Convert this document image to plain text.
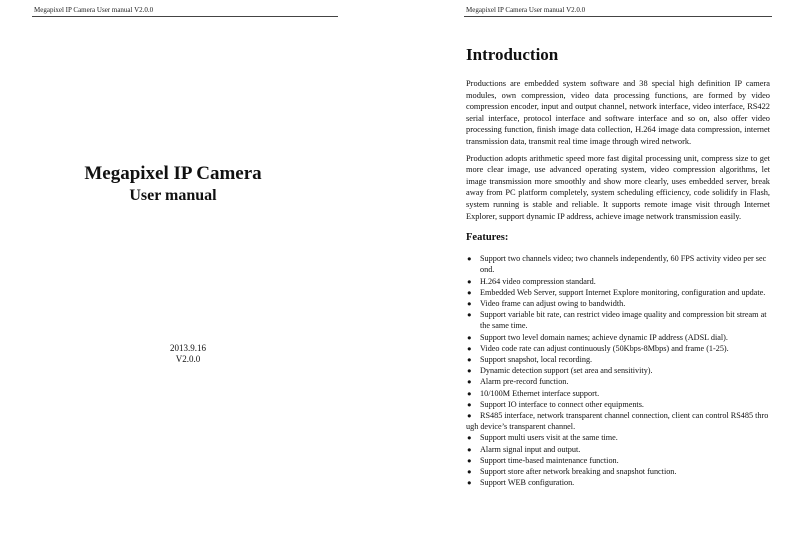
Megapixel IP Camera User manual V2.0.0
Megapixel IP Camera
User manual
2013.9.16
V2.0.0
Megapixel IP Camera User manual V2.0.0
Introduction

Productions are embedded system software and 38 special high definition IP camera modules, own compression, video data processing functions, are formed by video compression encoder, input and output channel, network interface, video interface, RS422 serial interface, protocol interface and software interface and so on, also offer video processing function, finish image data collection, H.264 image data compression, internet transmission data, transmit real time image through wired network.

Production adopts arithmetic speed more fast digital processing unit, compress size to get more clear image, use advanced operating system, video compression algorithms, let image transmission more smoothly and show more clearly, uses embedded server, break away from PC platform completely, system scheduling efficiency, code solidify in Flash, system running is stable and reliable. It supports remote image visit through Internet Explorer, support dynamic IP address, achieve image network transmission easily.

Features:
● Support two channels video; two channels independently, 60 FPS activity video per second.
● H.264 video compression standard.
● Embedded Web Server, support Internet Explore monitoring, configuration and update.
● Video frame can adjust owing to bandwidth.
● Support variable bit rate, can restrict video image quality and compression bit stream at the same time.
● Support two level domain names; achieve dynamic IP address (ADSL dial).
● Video code rate can adjust continuously (50Kbps-8Mbps) and frame (1-25).
● Support snapshot, local recording.
● Dynamic detection support (set area and sensitivity).
● Alarm pre-record function.
● 10/100M Ethernet interface support.
● Support IO interface to connect other equipments.
● RS485 interface, network transparent channel connection, client can control RS485 through device’s transparent channel.
● Support multi users visit at the same time.
● Alarm signal input and output.
● Support time-based maintenance function.
● Support store after network breaking and snapshot function.
● Support WEB configuration.
